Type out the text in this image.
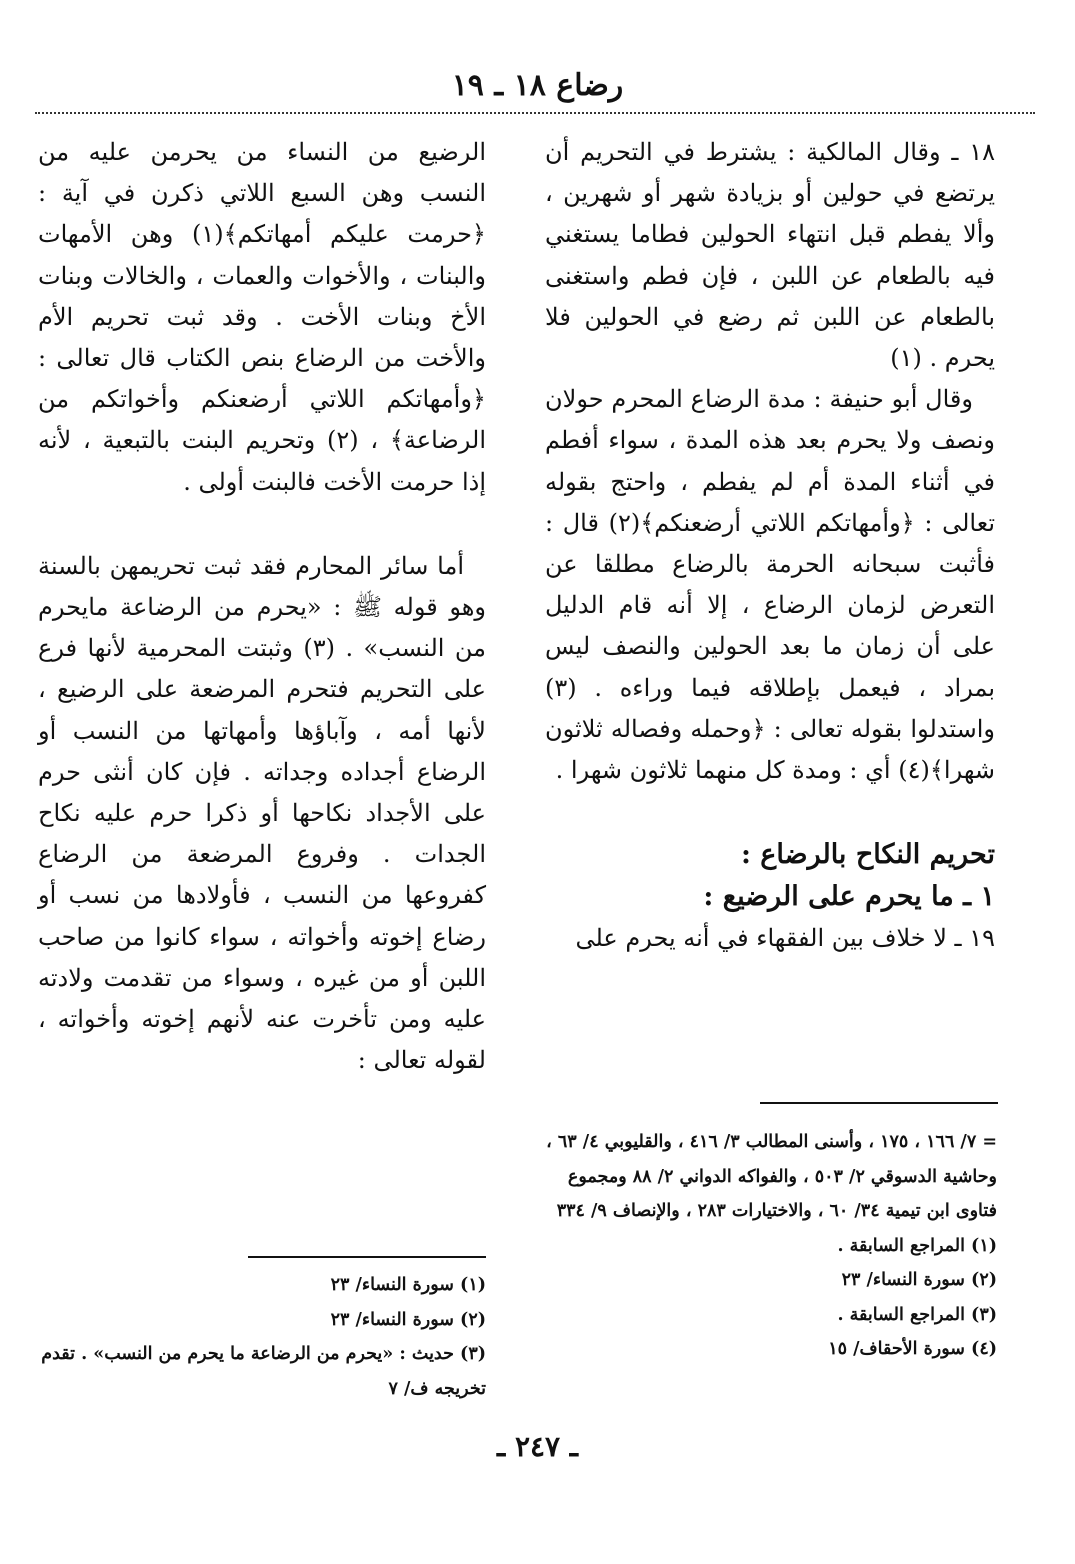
رضاع ١٨ ـ ١٩

١٨ ـ وقال المالكية : يشترط في التحريم أن يرتضع في حولين أو بزيادة شهر أو شهرين ، وألا يفطم قبل انتهاء الحولين فطاما يستغني فيه بالطعام عن اللبن ، فإن فطم واستغنى بالطعام عن اللبن ثم رضع في الحولين فلا يحرم . (١)

وقال أبو حنيفة : مدة الرضاع المحرم حولان ونصف ولا يحرم بعد هذه المدة ، سواء أفطم في أثناء المدة أم لم يفطم ، واحتج بقوله تعالى : ﴿وأمهاتكم اللاتي أرضعنكم﴾(٢) قال : فأثبت سبحانه الحرمة بالرضاع مطلقا عن التعرض لزمان الرضاع ، إلا أنه قام الدليل على أن زمان ما بعد الحولين والنصف ليس بمراد ، فيعمل بإطلاقه فيما وراءه . (٣) واستدلوا بقوله تعالى : ﴿وحمله وفصاله ثلاثون شهرا﴾(٤) أي : ومدة كل منهما ثلاثون شهرا .

تحريم النكاح بالرضاع :

١ ـ ما يحرم على الرضيع :

١٩ ـ لا خلاف بين الفقهاء في أنه يحرم على

الرضيع من النساء من يحرمن عليه من النسب وهن السبع اللاتي ذكرن في آية : ﴿حرمت عليكم أمهاتكم﴾(١) وهن الأمهات والبنات ، والأخوات والعمات ، والخالات وبنات الأخ وبنات الأخت . وقد ثبت تحريم الأم والأخت من الرضاع بنص الكتاب قال تعالى : ﴿وأمهاتكم اللاتي أرضعنكم وأخواتكم من الرضاعة﴾ ، (٢) وتحريم البنت بالتبعية ، لأنه إذا حرمت الأخت فالبنت أولى .

أما سائر المحارم فقد ثبت تحريمهن بالسنة وهو قوله ﷺ : «يحرم من الرضاعة مايحرم من النسب» . (٣) وثبتت المحرمية لأنها فرع على التحريم فتحرم المرضعة على الرضيع ، لأنها أمه ، وآباؤها وأمهاتها من النسب أو الرضاع أجداده وجداته . فإن كان أنثى حرم على الأجداد نكاحها أو ذكرا حرم عليه نكاح الجدات . وفروع المرضعة من الرضاع كفروعها من النسب ، فأولادها من نسب أو رضاع إخوته وأخواته ، سواء كانوا من صاحب اللبن أو من غيره ، وسواء من تقدمت ولادته عليه ومن تأخرت عنه لأنهم إخوته وأخواته ، لقوله تعالى :

= ٧/ ١٦٦ ، ١٧٥ ، وأسنى المطالب ٣/ ٤١٦ ، والقليوبي ٤/ ٦٣ ، وحاشية الدسوقي ٢/ ٥٠٣ ، والفواكه الدواني ٢/ ٨٨ ومجموع فتاوى ابن تيمية ٣٤/ ٦٠ ، والاختيارات ٢٨٣ ، والإنصاف ٩/ ٣٣٤

(١) المراجع السابقة .

(٢) سورة النساء/ ٢٣

(٣) المراجع السابقة .

(٤) سورة الأحقاف/ ١٥

(١) سورة النساء/ ٢٣

(٢) سورة النساء/ ٢٣

(٣) حديث : «يحرم من الرضاعة ما يحرم من النسب» . تقدم تخريجه ف/ ٧

ـ ٢٤٧ ـ
